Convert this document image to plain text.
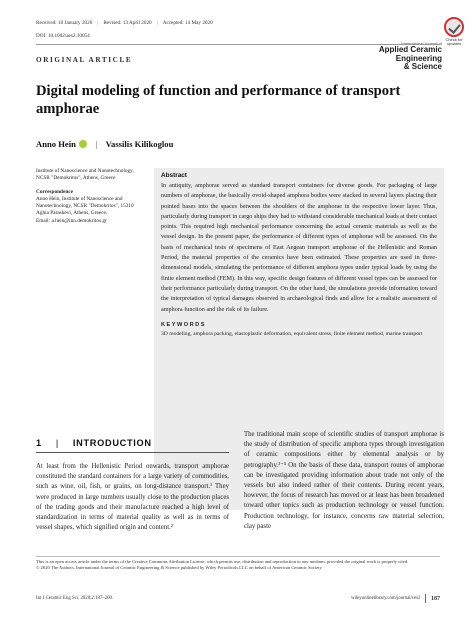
Received: 10 January 2020 | Revised: 13 April 2020 | Accepted: 14 May 2020
DOI: 10.1002/aes2.10054
Check for
updates
International Journal of
Applied Ceramic Engineering
& Science
ORIGINAL ARTICLE
Digital modeling of function and performance of transport amphorae
Anno Hein | Vassilis Kilikoglou
Institute of Nanoscience and Nanotechnology, NCSR "Demokritos", Athens, Greece
Correspondence
Anno Hein, Institute of Nanoscience and Nanotechnology, NCSR "Demokritos", 15310 Aghia Paraskevi, Athens, Greece.
Email: a.hein@inn.demokritos.gr
Abstract
In antiquity, amphorae served as standard transport containers for diverse goods. For packaging of large numbers of amphorae, the basically ovoid-shaped amphora bodies were stacked in several layers placing their pointed bases into the spaces between the shoulders of the amphorae in the respective lower layer. Thus, particularly during transport in cargo ships they had to withstand considerable mechanical loads at their contact points. This required high mechanical performance concerning the actual ceramic materials as well as the vessel design. In the present paper, the performance of different types of amphorae will be assessed. On the basis of mechanical tests of specimens of East Aegean transport amphorae of the Hellenistic and Roman Period, the material properties of the ceramics have been estimated. These properties are used in three-dimensional models, simulating the performance of different amphora types under typical loads by using the finite element method (FEM). In this way, specific design features of different vessel types can be assessed for their performance particularly during transport. On the other hand, the simulations provide information toward the interpretation of typical damages observed in archaeological finds and allow for a realistic assessment of amphora function and the risk of its failure.
KEYWORDS
3D modeling, amphora packing, elastoplastic deformation, equivalent stress, finite element method, marine transport
1 | INTRODUCTION
At least from the Hellenistic Period onwards, transport amphorae constituted the standard containers for a large variety of commodities, such as wine, oil, fish, or grains, on long-distance transport.¹ They were produced in large numbers usually close to the production places of the trading goods and their manufacture reached a high level of standardization in terms of material quality as well as in terms of vessel shapes, which signified origin and content.²
The traditional main scope of scientific studies of transport amphorae is the study of distribution of specific amphora types through investigation of ceramic compositions either by elemental analysis or by petrography.³⁻⁵ On the basis of these data, transport routes of amphorae can be investigated providing information about trade not only of the vessels but also indeed rather of their contents. During recent years, however, the focus of research has moved or at least has been broadened toward other topics such as production technology or vessel function. Production technology, for instance, concerns raw material selection, clay paste
This is an open access article under the terms of the Creative Commons Attribution License, which permits use, distribution and reproduction in any medium, provided the original work is properly cited.
© 2020 The Authors. International Journal of Ceramic Engineering & Science published by Wiley Periodicals LLC on behalf of American Ceramic Society
Int J Ceramic Eng Sci. 2020;2:187–200.	wileyonlinelibrary.com/journal/ces2 187
